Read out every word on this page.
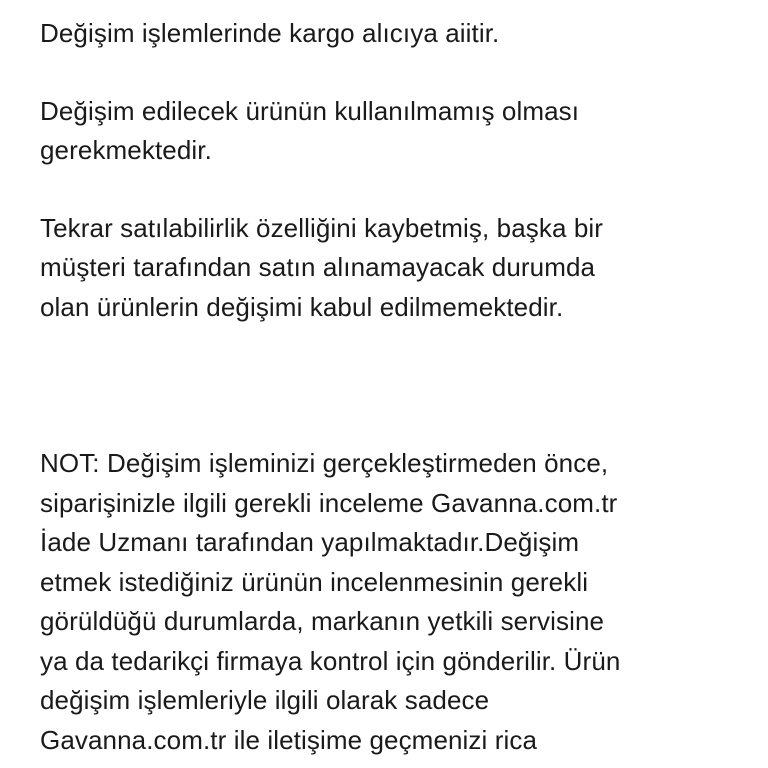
Değişim işlemlerinde kargo alıcıya aiitir.

Değişim edilecek ürünün kullanılmamış olması
gerekmektedir.

Tekrar satılabilirlik özelliğini kaybetmiş, başka bir
müşteri tarafından satın alınamayacak durumda
olan ürünlerin değişimi kabul edilmemektedir.

NOT: Değişim işleminizi gerçekleştirmeden önce,
siparişinizle ilgili gerekli inceleme Gavanna.com.tr
İade Uzmanı tarafından yapılmaktadır.Değişim
etmek istediğiniz ürünün incelenmesinin gerekli
görüldüğü durumlarda, markanın yetkili servisine
ya da tedarikçi firmaya kontrol için gönderilir. Ürün
değişim işlemleriyle ilgili olarak sadece
Gavanna.com.tr ile iletişime geçmenizi rica
